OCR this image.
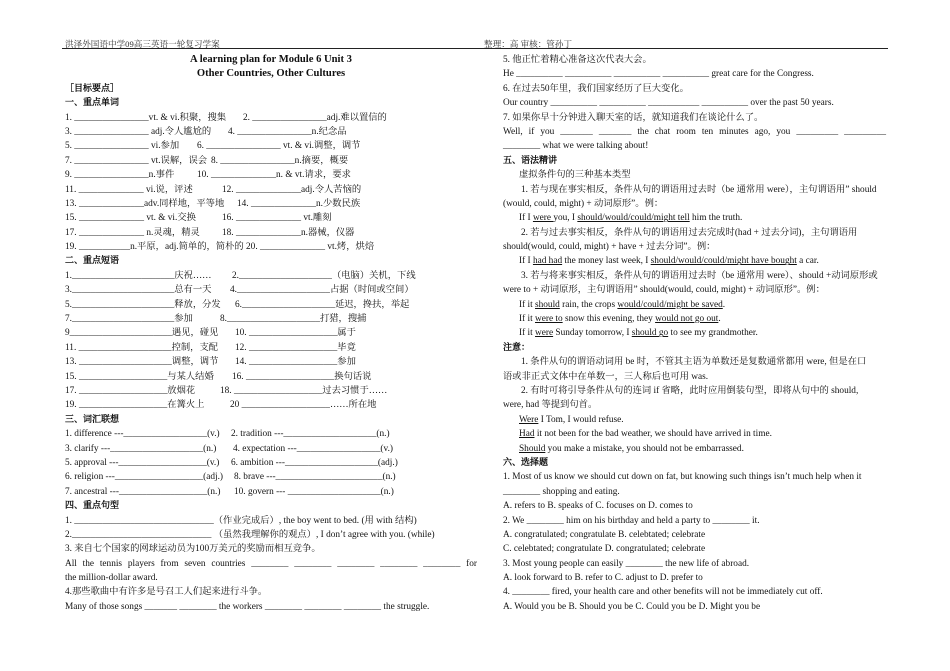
洪泽外国语中学09高三英语一轮复习学案	整理：高 审核：管孙丁
A learning plan for Module 6 Unit 3
Other Countries, Other Cultures
［目标要点］
一、重点单词
1. ________________vt. & vi.积聚，搜集 2. ________________adj.难以置信的
3. ________________ adj.令人尴尬的 4. ________________n.纪念品
5. ________________ vi.参加 6. ________________ vt. & vi.调整，调节
7. ________________ vt.误解，误会 8. ________________n.摘要，概要
9. ________________n.事件 10. ______________n. & vt.请求，要求
11. ______________ vi.说，评述	12. ______________adj.令人苦恼的
13. ______________adv.同样地，平等地 14. ______________n.少数民族
15. ______________ vt. & vi.交换	16. ______________ vt.雕刻
17. ______________ n.灵魂，精灵 18. ______________n.器械，仪器
19. ___________n.平原，adj.简单的，简朴的 20. ______________ vt.烤，烘焙
二、重点短语
1.______________________庆祝…… 2.____________________（电脑）关机，下线
3.______________________总有一天 4.____________________占据（时间或空间）
5.______________________释放，分发 6.____________________延迟，搀扶，举起
7.______________________参加	8.____________________打猎，搜捕
9______________________遇见，碰见 10. ___________________属于
11. ____________________控制，支配 12. ___________________毕竟
13. ____________________调整，调节 14. ___________________参加
15. ___________________与某人结婚 16. ___________________换句话说
17. ___________________放烟花	18. ___________________过去习惯于……
19. ___________________在篝火上	20 ___________________……所在地
三、词汇联想
1. difference ---__________________(v.) 2. tradition ---____________________(n.)
3. clarify ---____________________(n.) 4. expectation ---__________________(v.)
5. approval ---___________________(v.) 6. ambition ---____________________(adj.)
6. religion ---___________________(adj.) 8. brave ---_______________________(n.)
7. ancestral ---___________________(n.) 10. govern --- ____________________(n.)
四、重点句型
1. ______________________________（作业完成后）, the boy went to bed. (用 with 结构)
2.______________________________ （虽然我理解你的观点）, I don’t agree with you. (while)
3. 来自七个国家的网球运动员为100万美元的奖励而相互竞争。
All the tennis players from seven countries ________ ________ ________ ________ ________ for
the million-dollar award.
4.那些歌曲中有许多是号召工人们起来进行斗争。
Many of those songs _______ ________ the workers ________ ________ ________ the struggle.
5. 他正忙着精心准备这次代表大会。
He __________ __________ __________ __________ great care for the Congress.
6. 在过去50年里，我们国家经历了巨大变化。
Our country __________ __________ ___________ __________ over the past 50 years.
7. 如果你早十分钟进入聊天室的话，就知道我们在谈论什么了。
Well, if you _______ _______ the chat room ten minutes ago, you _________ _________
________ what we were talking about!
五、语法精讲
虚拟条件句的三种基本类型
1. 若与现在事实相反，条件从句的谓语用过去时（be 通常用 were），主句谓语用” should
(would, could, might) + 动词原形”。例：
If I were you, I should/would/could/might tell him the truth.
2. 若与过去事实相反，条件从句的谓语用过去完成时(had + 过去分词)，主句谓语用
should(would, could, might) + have + 过去分词”。例：
If I had had the money last week, I should/would/could/might have bought a car.
3. 若与将来事实相反，条件从句的谓语用过去时（be 通常用 were）、should +动词原形或
were to + 动词原形，主句谓语用” should(would, could, might) + 动词原形”。例：
If it should rain, the crops would/could/might be saved.
If it were to snow this evening, they would not go out.
If it were Sunday tomorrow, I should go to see my grandmother.
注意：
1. 条件从句的谓语动词用 be 时，不管其主语为单数还是复数通常都用 were, 但是在口
语或非正式文体中在单数一，三人称后也可用 was.
2. 有时可将引导条件从句的连词 if 省略，此时应用倒装句型，即将从句中的 should,
were, had 等提到句首。
Were I Tom, I would refuse.
Had it not been for the bad weather, we should have arrived in time.
Should you make a mistake, you should not be embarrassed.
六、选择题
1. Most of us know we should cut down on fat, but knowing such things isn’t much help when it
________ shopping and eating.
A. refers to B. speaks of C. focuses on D. comes to
2. We ________ him on his birthday and held a party to ________ it.
A. congratulated; congratulate B. celebtated; celebrate
C. celebtated; congratulate D. congratulated; celebrate
3. Most young people can easily ________ the new life of abroad.
A. look forward to B. refer to C. adjust to D. prefer to
4. ________ fired, your health care and other benefits will not be immediately cut off.
A. Would you be B. Should you be C. Could you be D. Might you be
